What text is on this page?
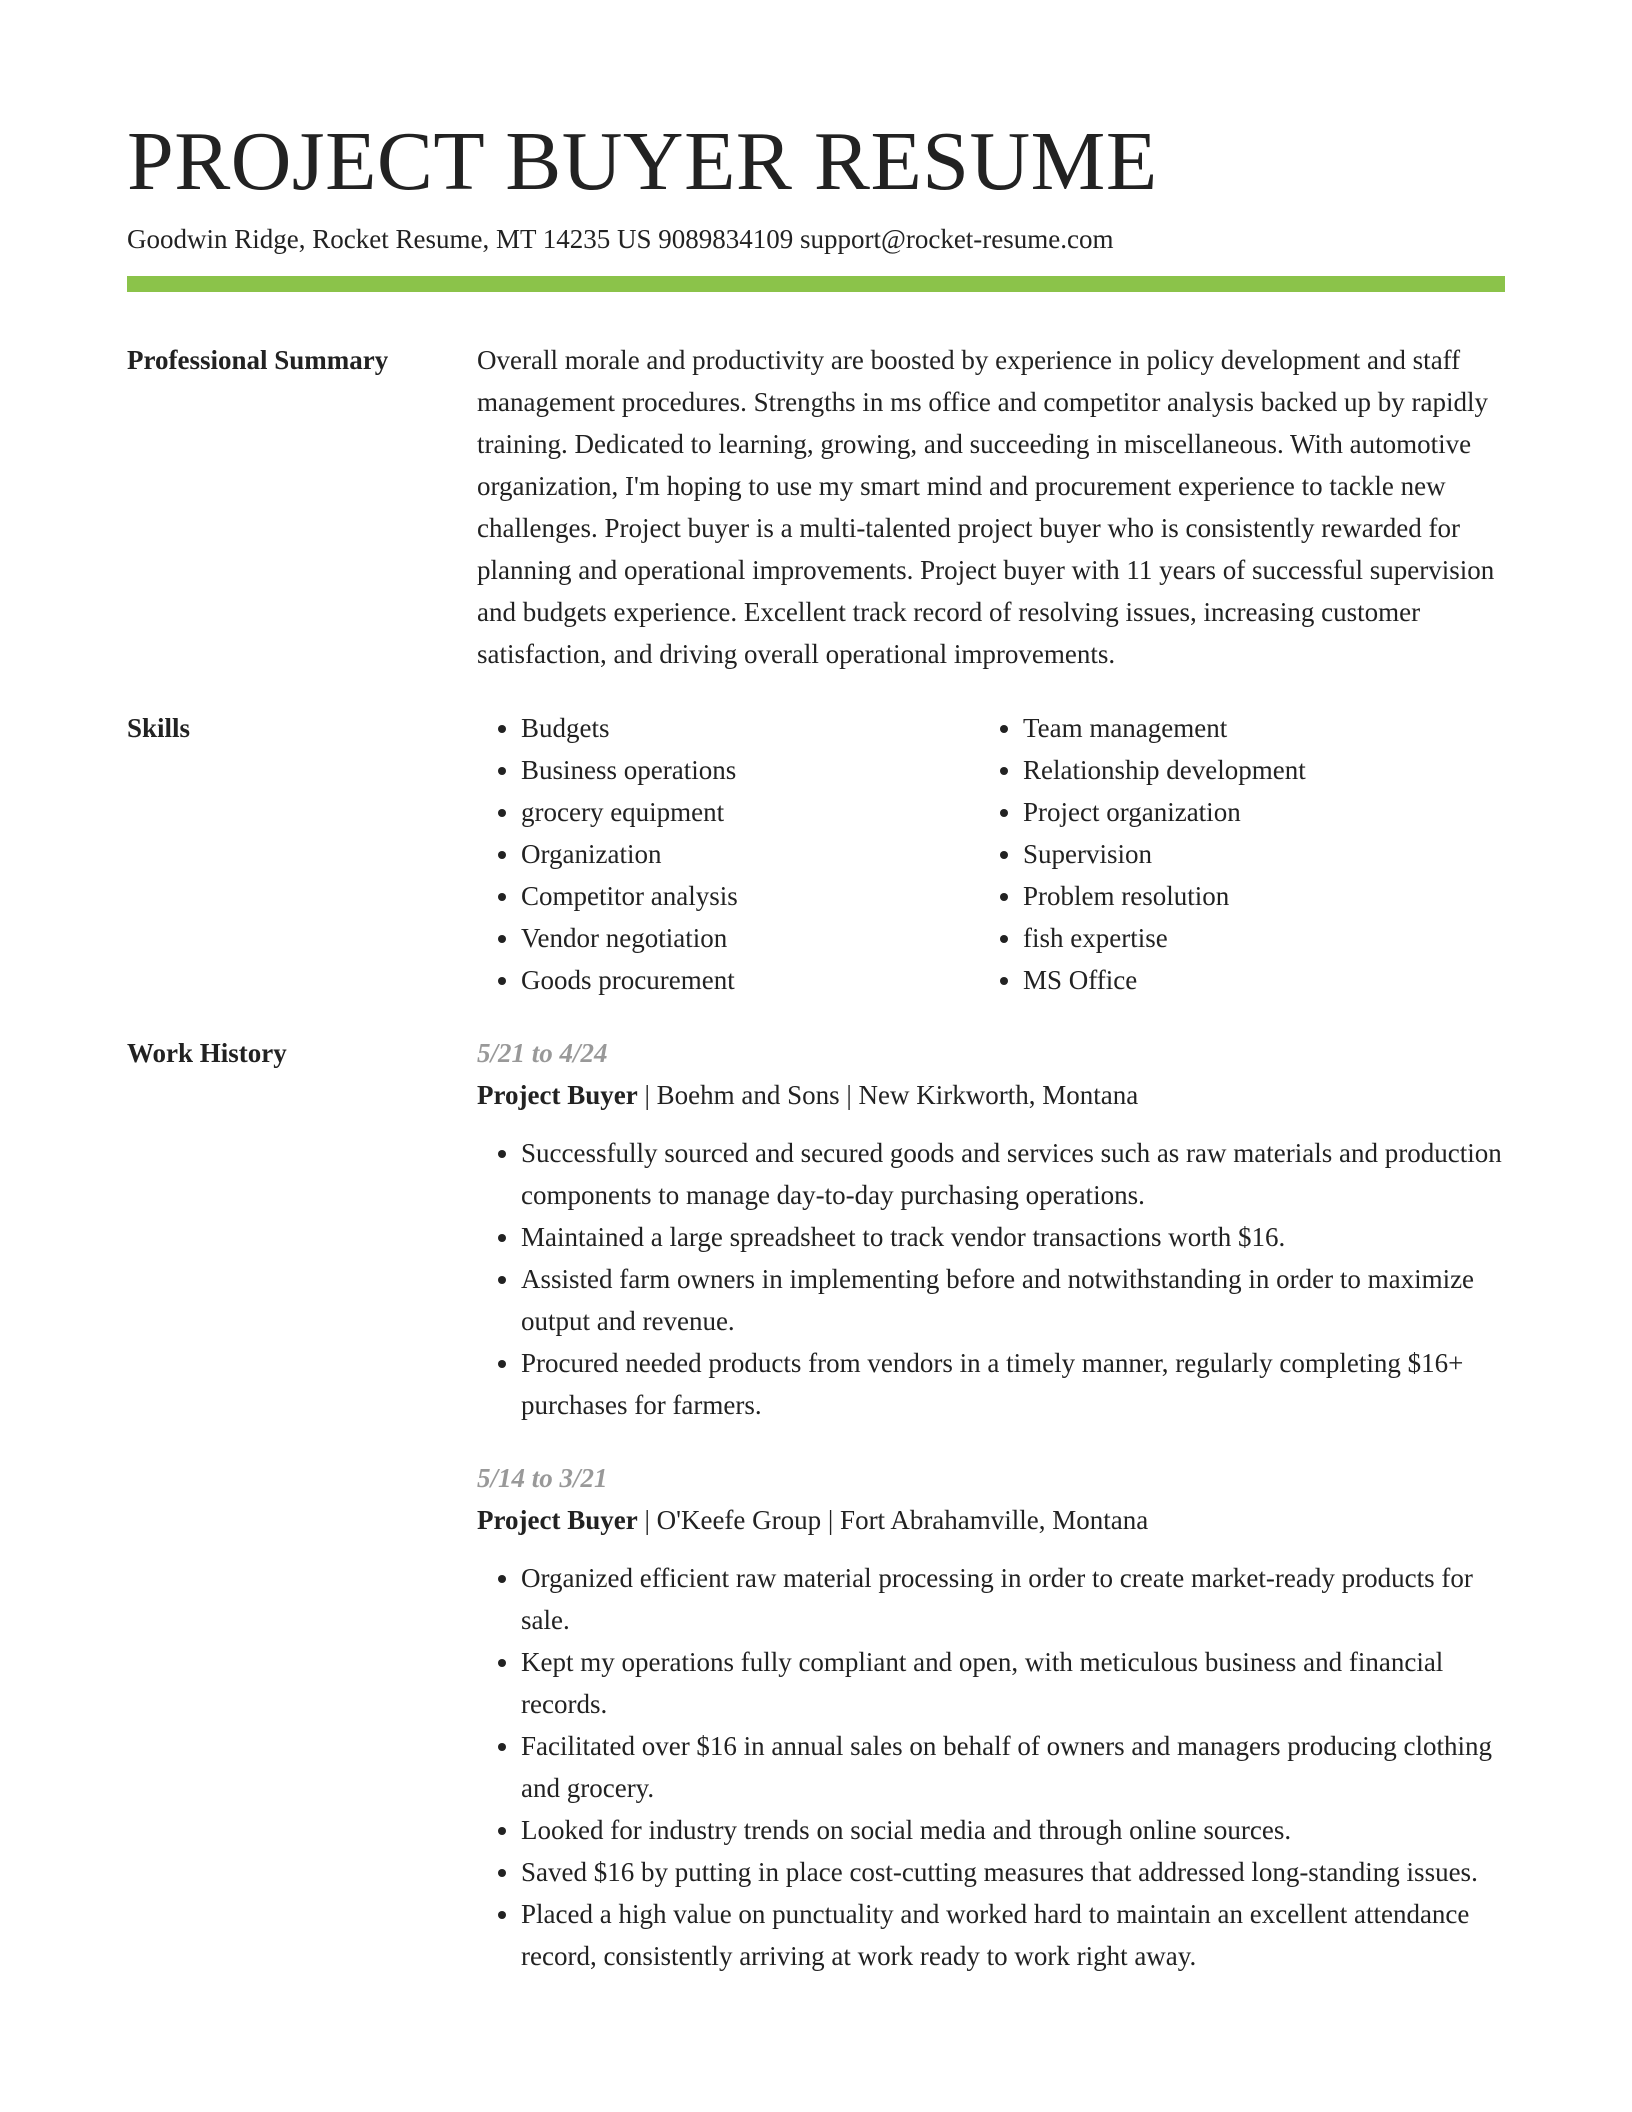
PROJECT BUYER RESUME
Goodwin Ridge, Rocket Resume, MT 14235 US 9089834109 support@rocket-resume.com
Professional Summary	Overall morale and productivity are boosted by experience in policy development and staff management procedures. Strengths in ms office and competitor analysis backed up by rapidly training. Dedicated to learning, growing, and succeeding in miscellaneous. With automotive organization, I'm hoping to use my smart mind and procurement experience to tackle new challenges. Project buyer is a multi-talented project buyer who is consistently rewarded for planning and operational improvements. Project buyer with 11 years of successful supervision and budgets experience. Excellent track record of resolving issues, increasing customer satisfaction, and driving overall operational improvements.
Skills
•	Budgets
• Business operations
• grocery equipment
• Organization
• Competitor analysis
• Vendor negotiation
• Goods procurement
• Team management
• Relationship development
• Project organization
• Supervision
• Problem resolution
• fish expertise
• MS Office
Work History	5/21 to 4/24
Project Buyer | Boehm and Sons | New Kirkworth, Montana
• Successfully sourced and secured goods and services such as raw materials and production components to manage day-to-day purchasing operations.
• Maintained a large spreadsheet to track vendor transactions worth $16.
• Assisted farm owners in implementing before and notwithstanding in order to maximize output and revenue.
• Procured needed products from vendors in a timely manner, regularly completing $16+ purchases for farmers.
5/14 to 3/21
Project Buyer | O'Keefe Group | Fort Abrahamville, Montana
• Organized efficient raw material processing in order to create market-ready products for sale.
• Kept my operations fully compliant and open, with meticulous business and financial records.
• Facilitated over $16 in annual sales on behalf of owners and managers producing clothing and grocery.
• Looked for industry trends on social media and through online sources.
• Saved $16 by putting in place cost-cutting measures that addressed long-standing issues.
• Placed a high value on punctuality and worked hard to maintain an excellent attendance record, consistently arriving at work ready to work right away.
